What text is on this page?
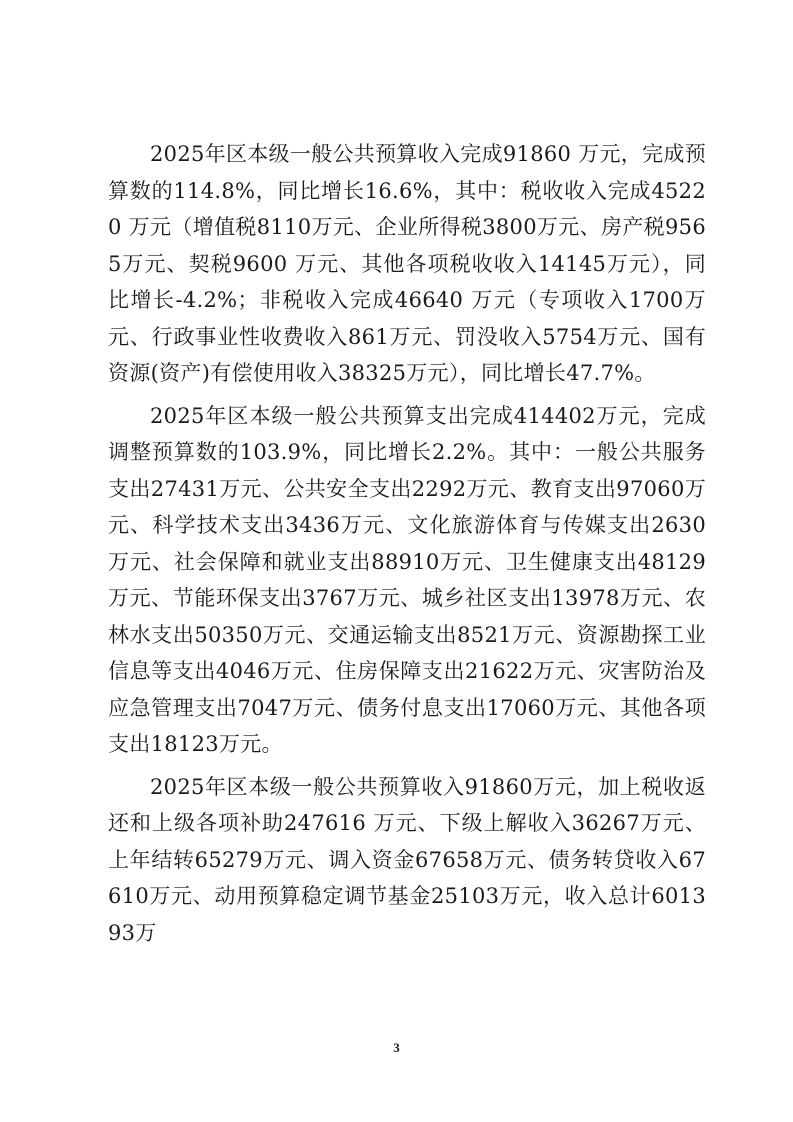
2025年区本级一般公共预算收入完成91860 万元，完成预算数的114.8%，同比增长16.6%，其中：税收收入完成45220 万元（增值税8110万元、企业所得税3800万元、房产税9565万元、契税9600 万元、其他各项税收收入14145万元），同比增长-4.2%；非税收入完成46640 万元（专项收入1700万元、行政事业性收费收入861万元、罚没收入5754万元、国有资源(资产)有偿使用收入38325万元），同比增长47.7%。

2025年区本级一般公共预算支出完成414402万元，完成调整预算数的103.9%，同比增长2.2%。其中：一般公共服务支出27431万元、公共安全支出2292万元、教育支出97060万元、科学技术支出3436万元、文化旅游体育与传媒支出2630万元、社会保障和就业支出88910万元、卫生健康支出48129万元、节能环保支出3767万元、城乡社区支出13978万元、农林水支出50350万元、交通运输支出8521万元、资源勘探工业信息等支出4046万元、住房保障支出21622万元、灾害防治及应急管理支出7047万元、债务付息支出17060万元、其他各项支出18123万元。

2025年区本级一般公共预算收入91860万元，加上税收返还和上级各项补助247616 万元、下级上解收入36267万元、上年结转65279万元、调入资金67658万元、债务转贷收入67610万元、动用预算稳定调节基金25103万元，收入总计601393万

3
